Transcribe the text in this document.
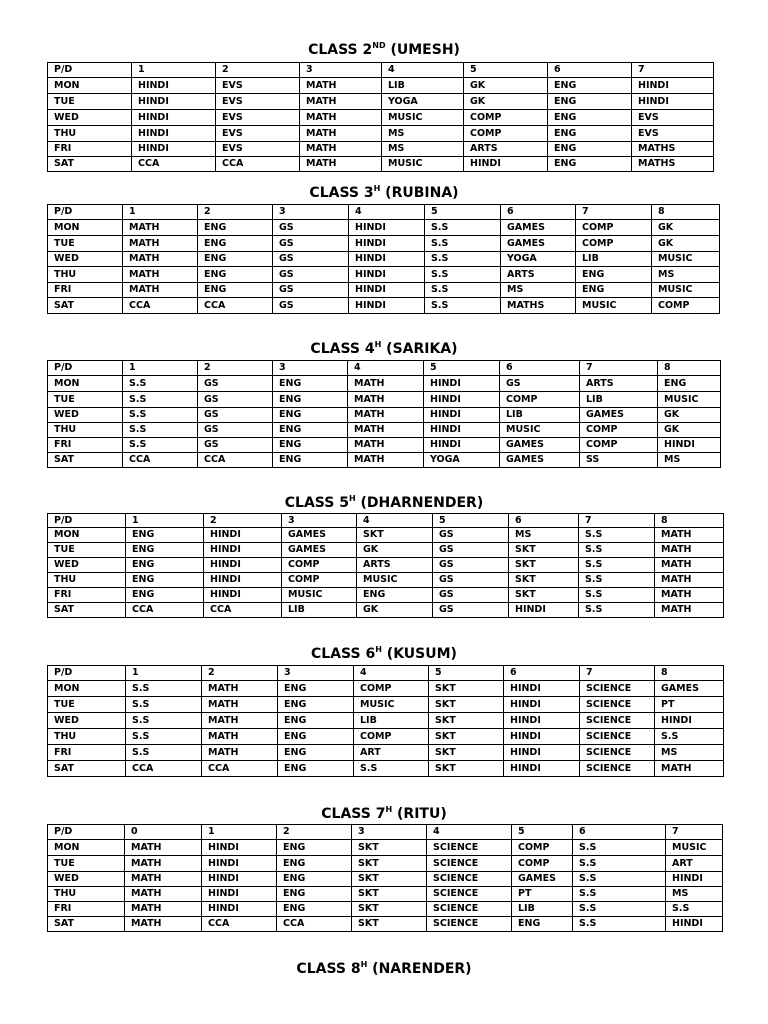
CLASS 2ND (UMESH)
P/D	1	2	3	4	5	6	7
MON	HINDI	EVS	MATH	LIB	GK	ENG	HINDI
TUE	HINDI	EVS	MATH	YOGA	GK	ENG	HINDI
WED	HINDI	EVS	MATH	MUSIC	COMP	ENG	EVS
THU	HINDI	EVS	MATH	MS	COMP	ENG	EVS
FRI	HINDI	EVS	MATH	MS	ARTS	ENG	MATHS
SAT	CCA	CCA	MATH	MUSIC	HINDI	ENG	MATHS
CLASS $3^H$ (RUBINA)
P/D	1	2	3	4	5	6	7	8
MON	MATH	ENG	GS	HINDI	S.S	GAMES	COMP	GK
TUE	MATH	ENG	GS	HINDI	S.S	GAMES	COMP	GK
WED	MATH	ENG	GS	HINDI	S.S	YOGA	LIB	MUSIC
THU	MATH	ENG	GS	HINDI	S.S	ARTS	ENG	MS
FRI	MATH	ENG	GS	HINDI	S.S	MS	ENG	MUSIC
SAT	CCA	CCA	GS	HINDI	S.S	MATHS	MUSIC	COMP
CLASS $4^H$ (SARIKA)
P/D	1	2	3	4	5	6	7	8
MON	S.S	GS	ENG	MATH	HINDI	GS	ARTS	ENG
TUE	S.S	GS	ENG	MATH	HINDI	COMP	LIB	MUSIC
WED	S.S	GS	ENG	MATH	HINDI	LIB	GAMES	GK
THU	S.S	GS	ENG	MATH	HINDI	MUSIC	COMP	GK
FRI	S.S	GS	ENG	MATH	HINDI	GAMES	COMP	HINDI
SAT	CCA	CCA	ENG	MATH	YOGA	GAMES	SS	MS
CLASS $5^H$ (DHARNENDER)
P/D	1	2	3	4	5	6	7	8
MON	ENG	HINDI	GAMES	SKT	GS	MS	S.S	MATH
TUE	ENG	HINDI	GAMES	GK	GS	SKT	S.S	MATH
WED	ENG	HINDI	COMP	ARTS	GS	SKT	S.S	MATH
THU	ENG	HINDI	COMP	MUSIC	GS	SKT	S.S	MATH
FRI	ENG	HINDI	MUSIC	ENG	GS	SKT	S.S	MATH
SAT	CCA	CCA	LIB	GK	GS	HINDI	S.S	MATH
CLASS $6^H$ (KUSUM)
P/D	1	2	3	4	5	6	7	8
MON	S.S	MATH	ENG	COMP	SKT	HINDI	SCIENCE	GAMES
TUE	S.S	MATH	ENG	MUSIC	SKT	HINDI	SCIENCE	PT
WED	S.S	MATH	ENG	LIB	SKT	HINDI	SCIENCE	HINDI
THU	S.S	MATH	ENG	COMP	SKT	HINDI	SCIENCE	S.S
FRI	S.S	MATH	ENG	ART	SKT	HINDI	SCIENCE	MS
SAT	CCA	CCA	ENG	S.S	SKT	HINDI	SCIENCE	MATH
CLASS $7^H$ (RITU)
P/D	0	1	2	3	4	5	6	7
MON	MATH	HINDI	ENG	SKT	SCIENCE	COMP	S.S	MUSIC
TUE	MATH	HINDI	ENG	SKT	SCIENCE	COMP	S.S	ART
WED	MATH	HINDI	ENG	SKT	SCIENCE	GAMES	S.S	HINDI
THU	MATH	HINDI	ENG	SKT	SCIENCE	PT	S.S	MS
FRI	MATH	HINDI	ENG	SKT	SCIENCE	LIB	S.S	S.S
SAT	MATH	CCA	CCA	SKT	SCIENCE	ENG	S.S	HINDI
CLASS $8^H$ (NARENDER)
